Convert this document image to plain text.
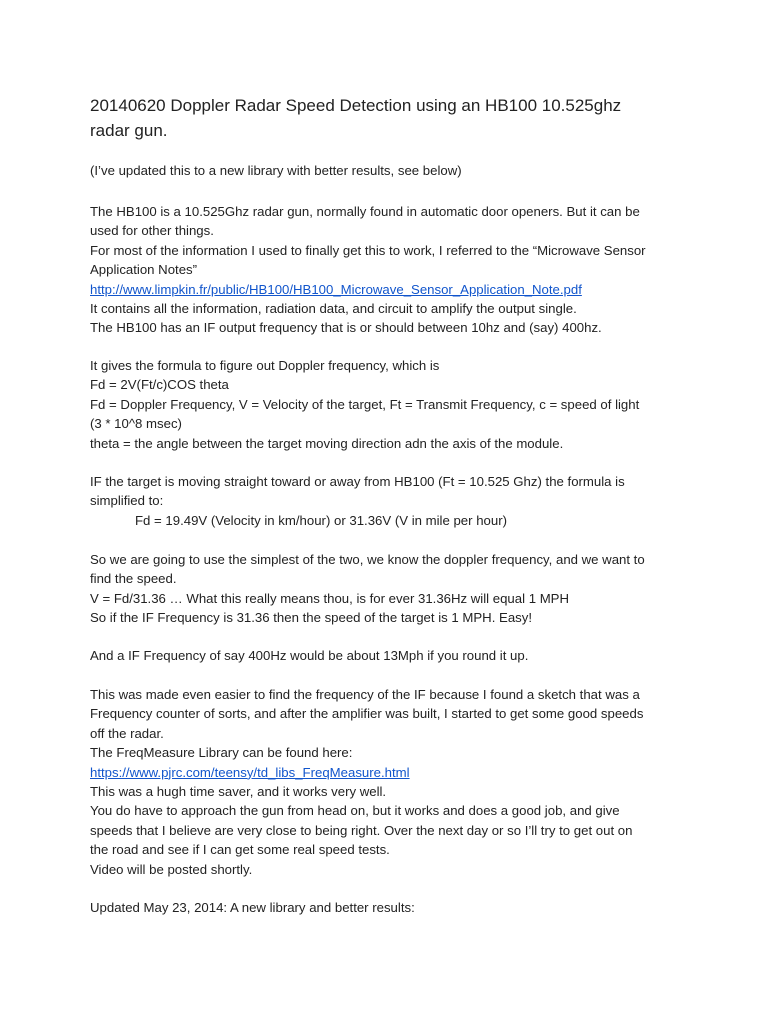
20140620 Doppler Radar Speed Detection using an HB100 10.525ghz
radar gun.
(I’ve updated this to a new library with better results, see below)
The HB100 is a 10.525Ghz radar gun, normally found in automatic door openers. But it can be
used for other things.
For most of the information I used to finally get this to work, I referred to the “Microwave Sensor
Application Notes”
http://www.limpkin.fr/public/HB100/HB100_Microwave_Sensor_Application_Note.pdf
It contains all the information, radiation data, and circuit to amplify the output single.
The HB100 has an IF output frequency that is or should between 10hz and (say) 400hz.
It gives the formula to figure out Doppler frequency, which is
Fd = 2V(Ft/c)COS theta
Fd = Doppler Frequency, V = Velocity of the target, Ft = Transmit Frequency, c = speed of light
(3 * 10^8 msec)
theta = the angle between the target moving direction adn the axis of the module.
IF the target is moving straight toward or away from HB100 (Ft = 10.525 Ghz) the formula is
simplified to:
Fd = 19.49V (Velocity in km/hour) or 31.36V (V in mile per hour)
So we are going to use the simplest of the two, we know the doppler frequency, and we want to
find the speed.
V = Fd/31.36 … What this really means thou, is for ever 31.36Hz will equal 1 MPH
So if the IF Frequency is 31.36 then the speed of the target is 1 MPH. Easy!
And a IF Frequency of say 400Hz would be about 13Mph if you round it up.
This was made even easier to find the frequency of the IF because I found a sketch that was a
Frequency counter of sorts, and after the amplifier was built, I started to get some good speeds
off the radar.
The FreqMeasure Library can be found here:
https://www.pjrc.com/teensy/td_libs_FreqMeasure.html
This was a hugh time saver, and it works very well.
You do have to approach the gun from head on, but it works and does a good job, and give
speeds that I believe are very close to being right. Over the next day or so I’ll try to get out on
the road and see if I can get some real speed tests.
Video will be posted shortly.
Updated May 23, 2014: A new library and better results:
